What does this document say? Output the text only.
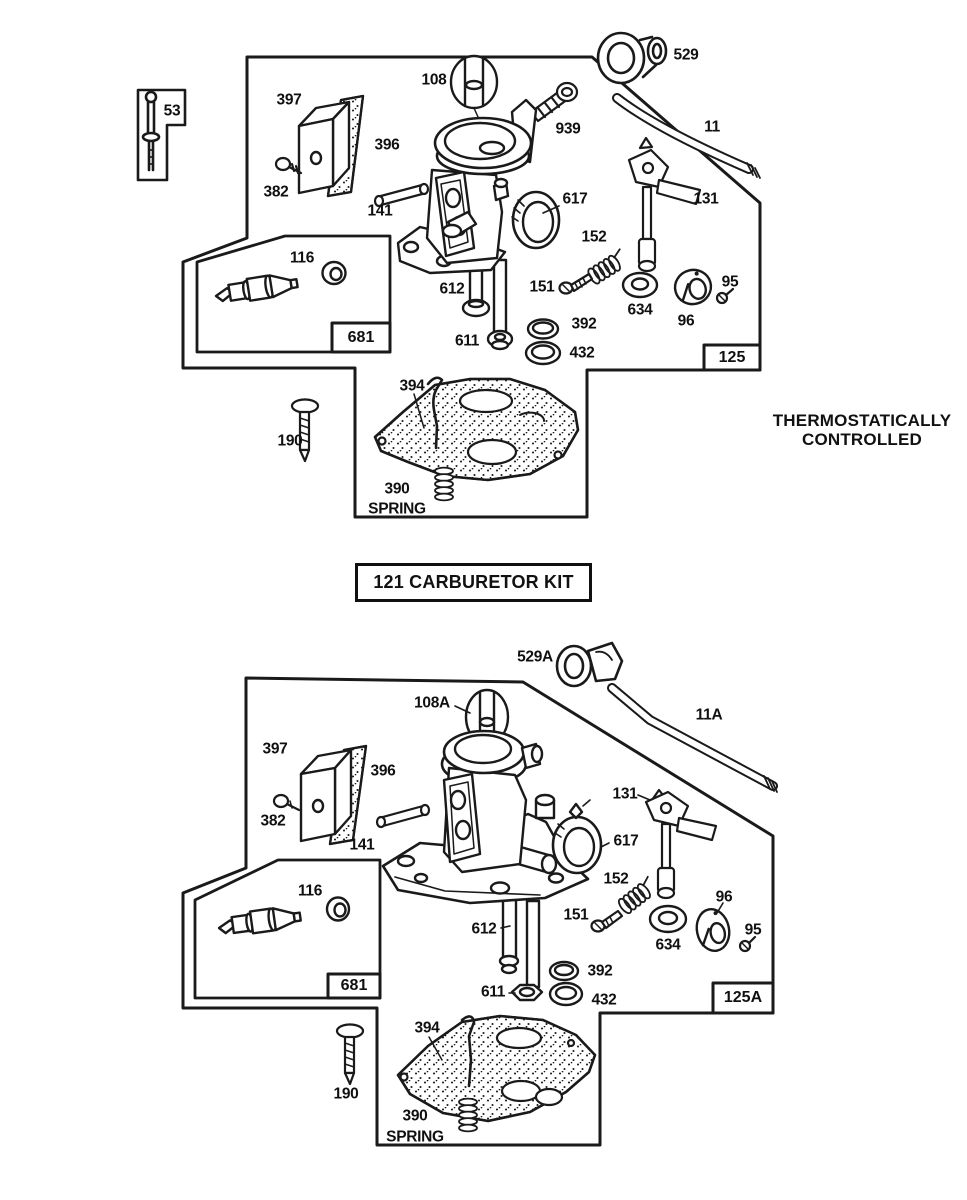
53
397
108
939
529
11
396
382
141
617	131
152
151
612
611
116
392
432
634
96
95
190
394
390
SPRING
529A
108A
11A
397
396
382
141
131
617
152
151
116
612
611
392
432
634
96
95
190
394
390
SPRING
681
125
681
125A
121 CARBURETOR KIT
THERMOSTATICALLY
CONTROLLED
